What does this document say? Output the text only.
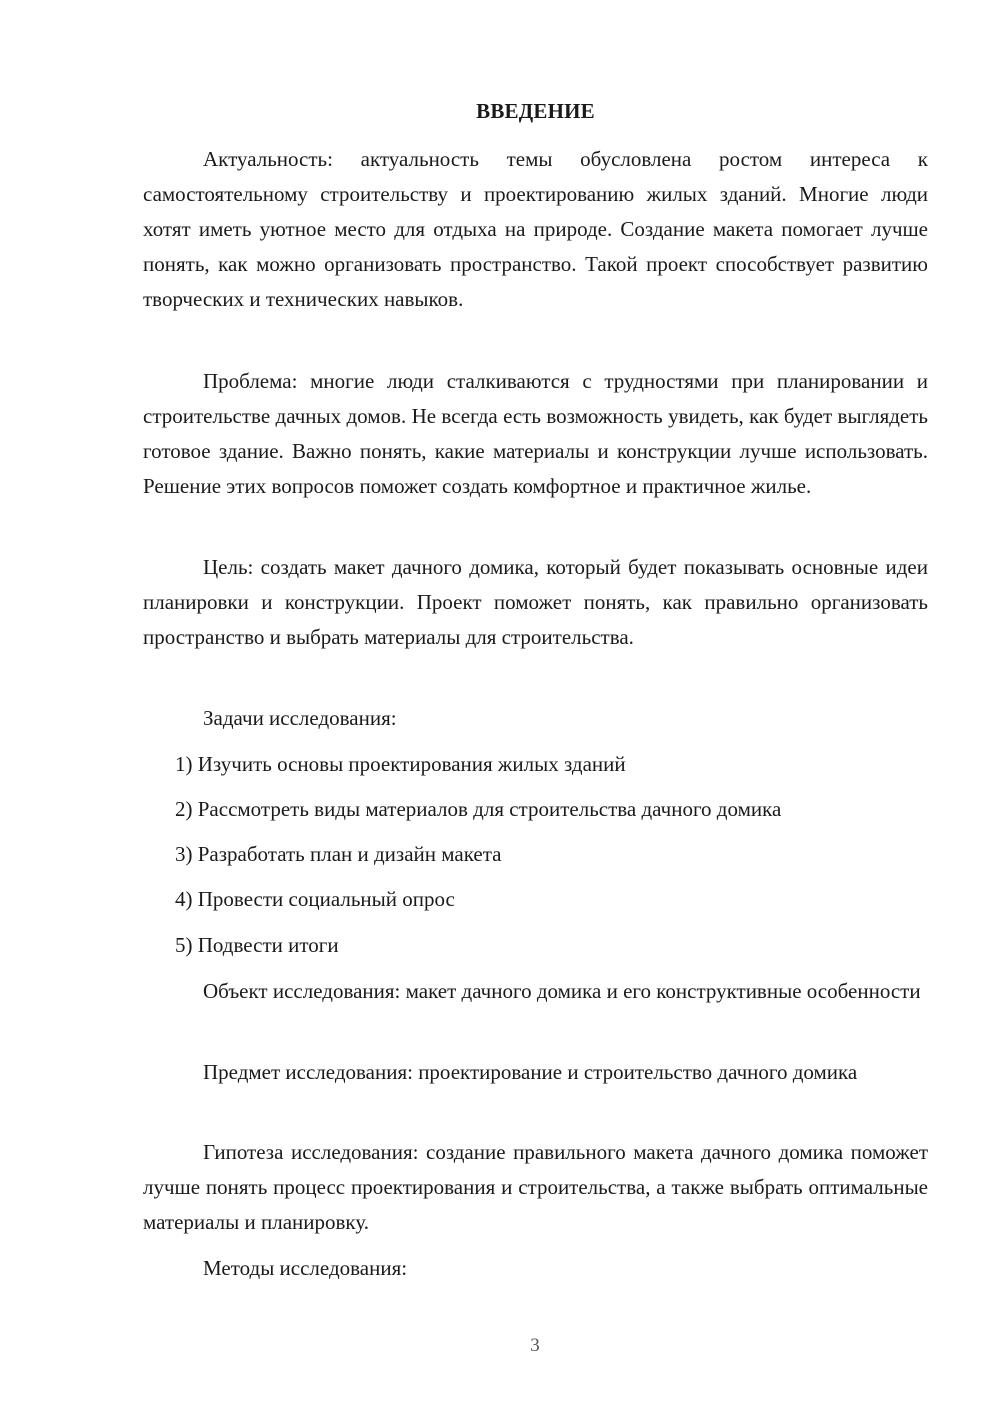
ВВЕДЕНИЕ

Актуальность: актуальность темы обусловлена ростом интереса к самостоятельному строительству и проектированию жилых зданий. Многие люди хотят иметь уютное место для отдыха на природе. Создание макета помогает лучше понять, как можно организовать пространство. Такой проект способствует развитию творческих и технических навыков.

Проблема: многие люди сталкиваются с трудностями при планировании и строительстве дачных домов. Не всегда есть возможность увидеть, как будет выглядеть готовое здание. Важно понять, какие материалы и конструкции лучше использовать. Решение этих вопросов поможет создать комфортное и практичное жилье.

Цель: создать макет дачного домика, который будет показывать основные идеи планировки и конструкции. Проект поможет понять, как правильно организовать пространство и выбрать материалы для строительства.

Задачи исследования:
1) Изучить основы проектирования жилых зданий
2) Рассмотреть виды материалов для строительства дачного домика
3) Разработать план и дизайн макета
4) Провести социальный опрос
5) Подвести итоги

Объект исследования: макет дачного домика и его конструктивные особенности

Предмет исследования: проектирование и строительство дачного домика

Гипотеза исследования: создание правильного макета дачного домика поможет лучше понять процесс проектирования и строительства, а также выбрать оптимальные материалы и планировку.

Методы исследования:
3
